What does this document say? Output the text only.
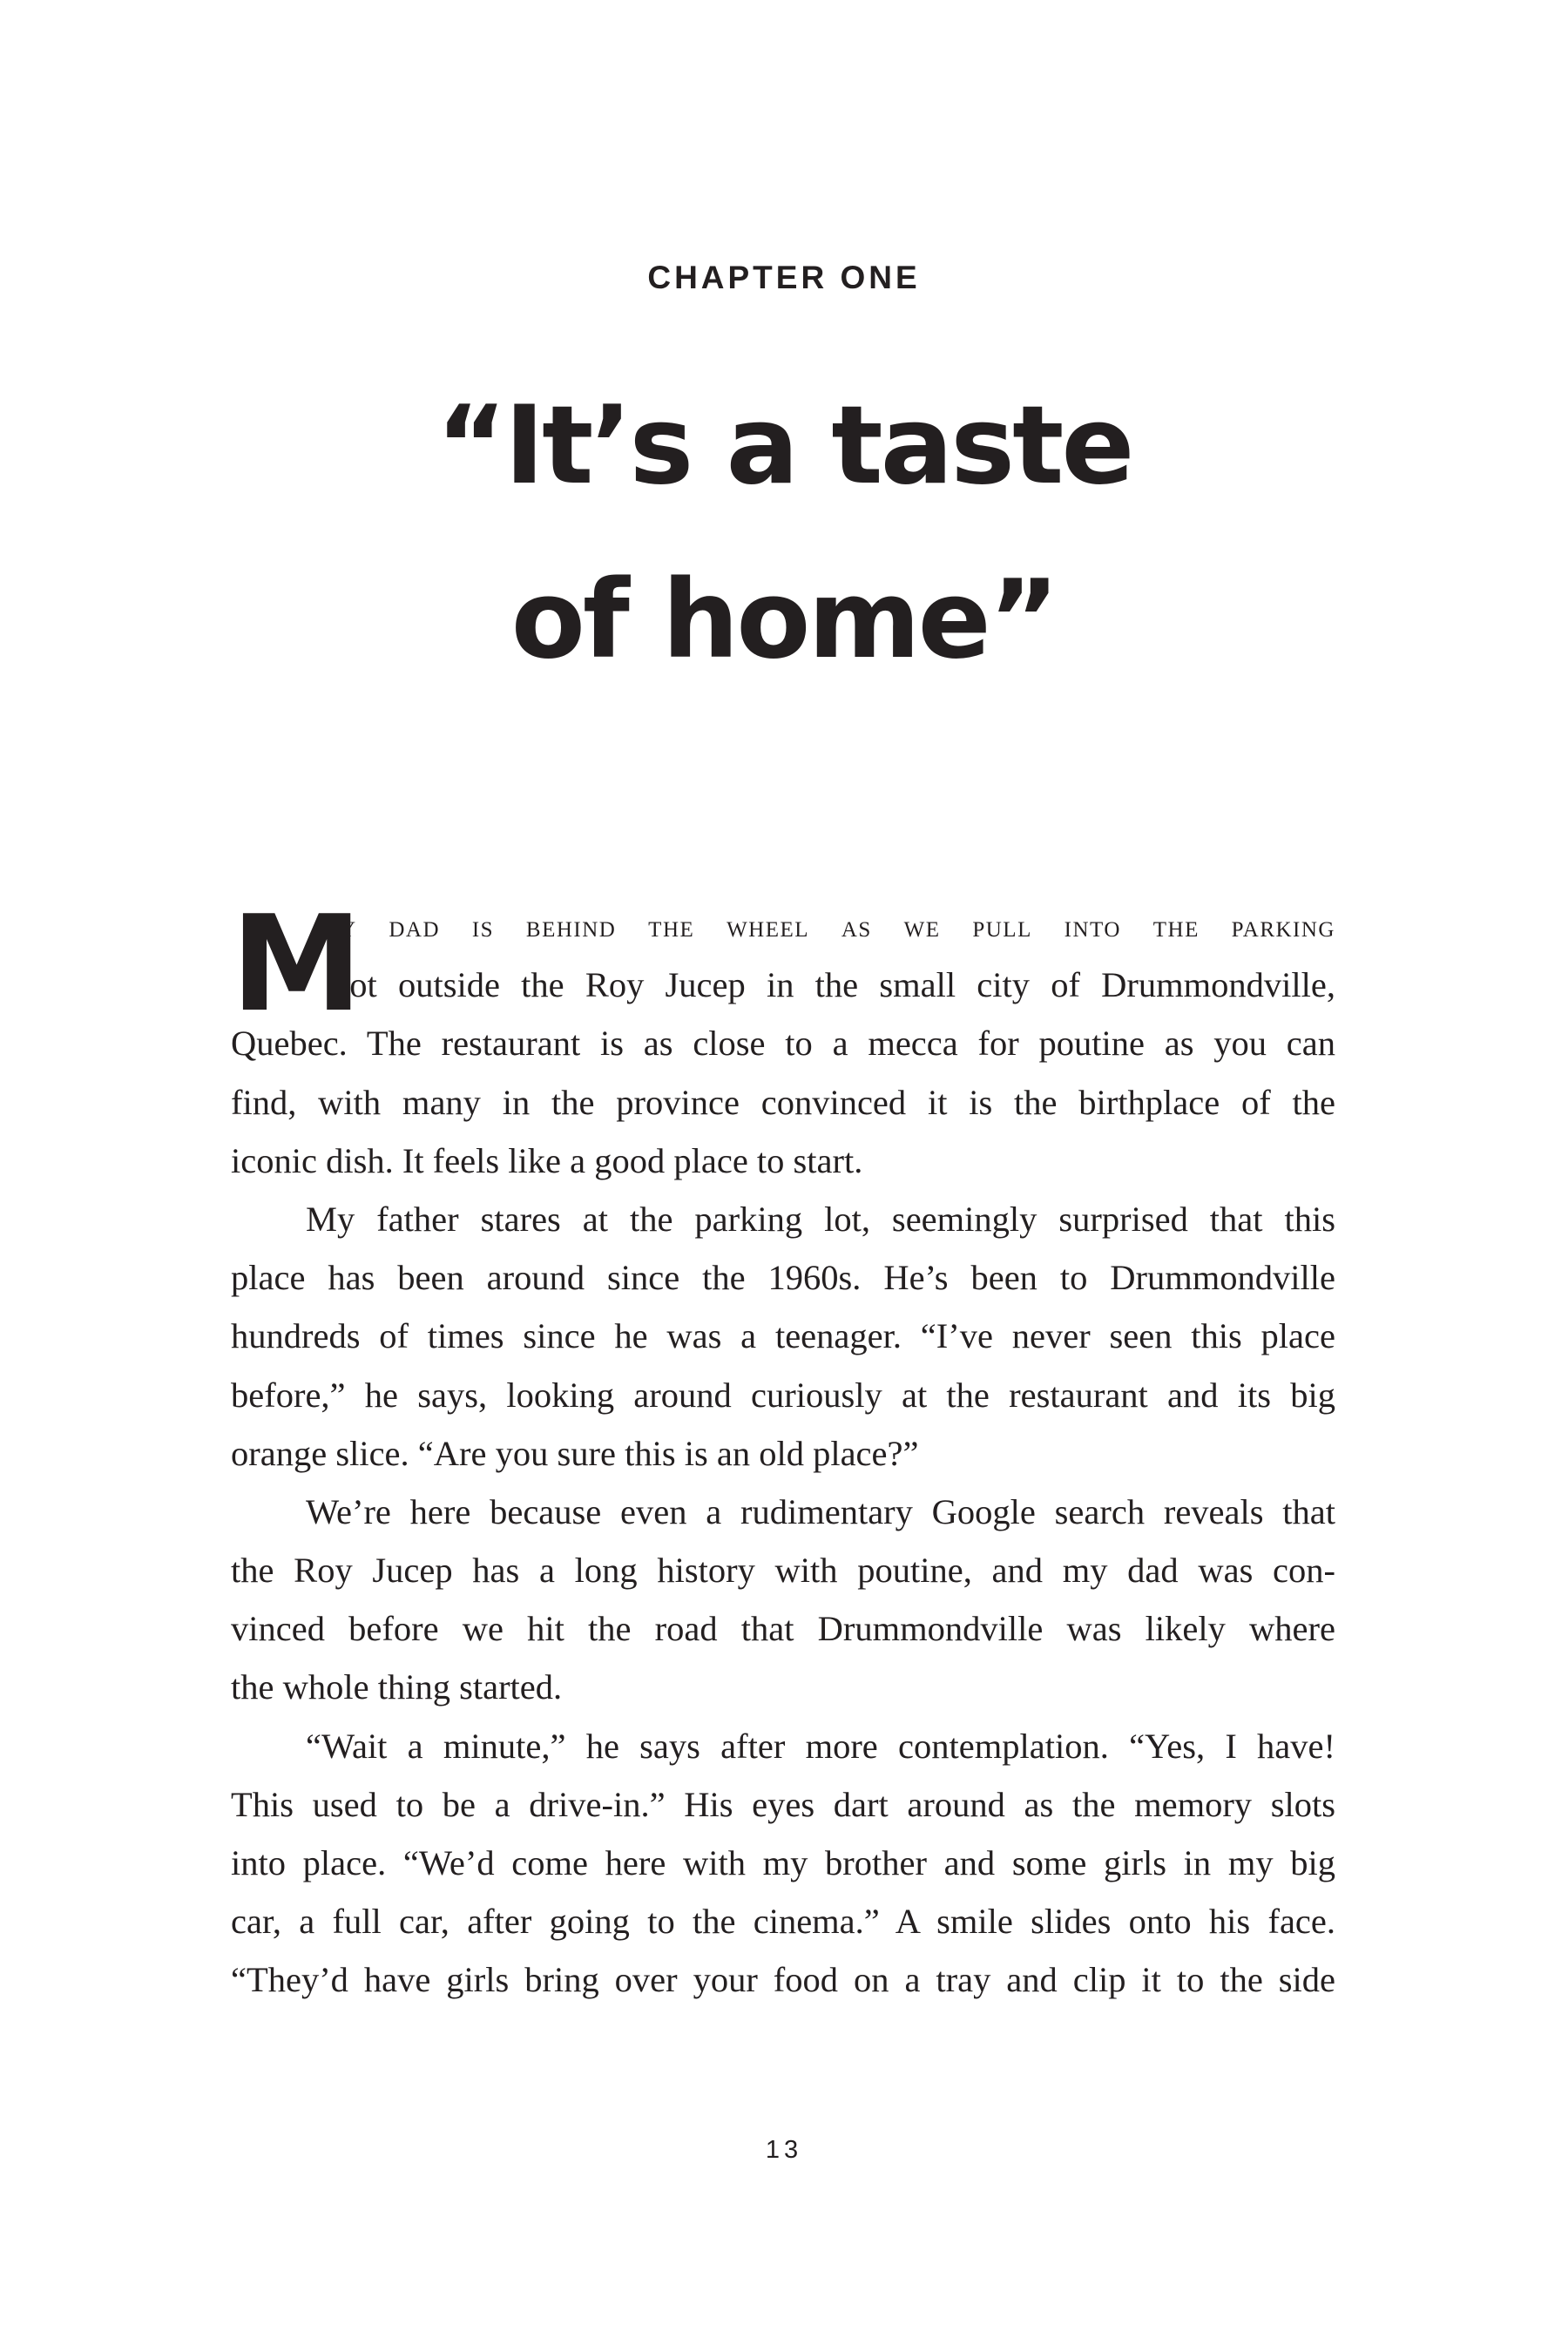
CHAPTER ONE
“It’s a taste
of home”
M
y dad is behind the wheel as we pull into the parking
lot outside the Roy Jucep in the small city of Drummondville,
Quebec. The restaurant is as close to a mecca for poutine as you can
find, with many in the province convinced it is the birthplace of the
iconic dish. It feels like a good place to start.
My father stares at the parking lot, seemingly surprised that this
place has been around since the 1960s. He’s been to Drummondville
hundreds of times since he was a teenager. “I’ve never seen this place
before,” he says, looking around curiously at the restaurant and its big
orange slice. “Are you sure this is an old place?”
We’re here because even a rudimentary Google search reveals that
the Roy Jucep has a long history with poutine, and my dad was con-
vinced before we hit the road that Drummondville was likely where
the whole thing started.
“Wait a minute,” he says after more contemplation. “Yes, I have!
This used to be a drive-in.” His eyes dart around as the memory slots
into place. “We’d come here with my brother and some girls in my big
car, a full car, after going to the cinema.” A smile slides onto his face.
“They’d have girls bring over your food on a tray and clip it to the side
13
